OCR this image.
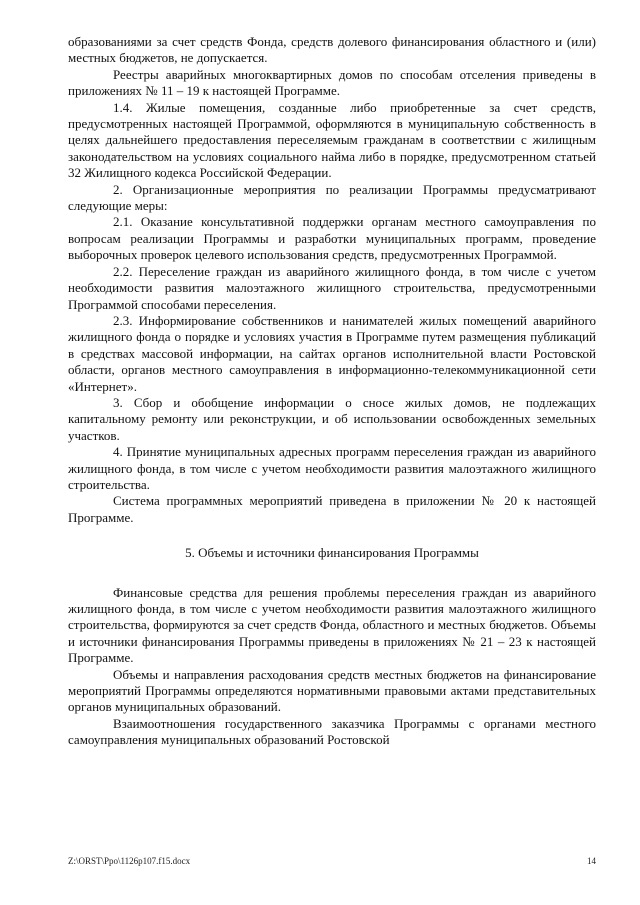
образованиями за счет средств Фонда, средств долевого финансирования областного и (или) местных бюджетов, не допускается.

Реестры аварийных многоквартирных домов по способам отселения приведены в приложениях № 11 – 19 к настоящей Программе.

1.4. Жилые помещения, созданные либо приобретенные за счет средств, предусмотренных настоящей Программой, оформляются в муниципальную собственность в целях дальнейшего предоставления переселяемым гражданам в соответствии с жилищным законодательством на условиях социального найма либо в порядке, предусмотренном статьей 32 Жилищного кодекса Российской Федерации.

2. Организационные мероприятия по реализации Программы предусматривают следующие меры:

2.1. Оказание консультативной поддержки органам местного самоуправления по вопросам реализации Программы и разработки муниципальных программ, проведение выборочных проверок целевого использования средств, предусмотренных Программой.

2.2. Переселение граждан из аварийного жилищного фонда, в том числе с учетом необходимости развития малоэтажного жилищного строительства, предусмотренными Программой способами переселения.

2.3. Информирование собственников и нанимателей жилых помещений аварийного жилищного фонда о порядке и условиях участия в Программе путем размещения публикаций в средствах массовой информации, на сайтах органов исполнительной власти Ростовской области, органов местного самоуправления в информационно-телекоммуникационной сети «Интернет».

3. Сбор и обобщение информации о сносе жилых домов, не подлежащих капитальному ремонту или реконструкции, и об использовании освобожденных земельных участков.

4. Принятие муниципальных адресных программ переселения граждан из аварийного жилищного фонда, в том числе с учетом необходимости развития малоэтажного жилищного строительства.

Система программных мероприятий приведена в приложении № 20 к настоящей Программе.

5. Объемы и источники финансирования Программы

Финансовые средства для решения проблемы переселения граждан из аварийного жилищного фонда, в том числе с учетом необходимости развития малоэтажного жилищного строительства, формируются за счет средств Фонда, областного и местных бюджетов. Объемы и источники финансирования Программы приведены в приложениях № 21 – 23 к настоящей Программе.

Объемы и направления расходования средств местных бюджетов на финансирование мероприятий Программы определяются нормативными правовыми актами представительных органов муниципальных образований.

Взаимоотношения государственного заказчика Программы с органами местного самоуправления муниципальных образований Ростовской

Z:\ORST\Ppo\1126p107.f15.docx	14
